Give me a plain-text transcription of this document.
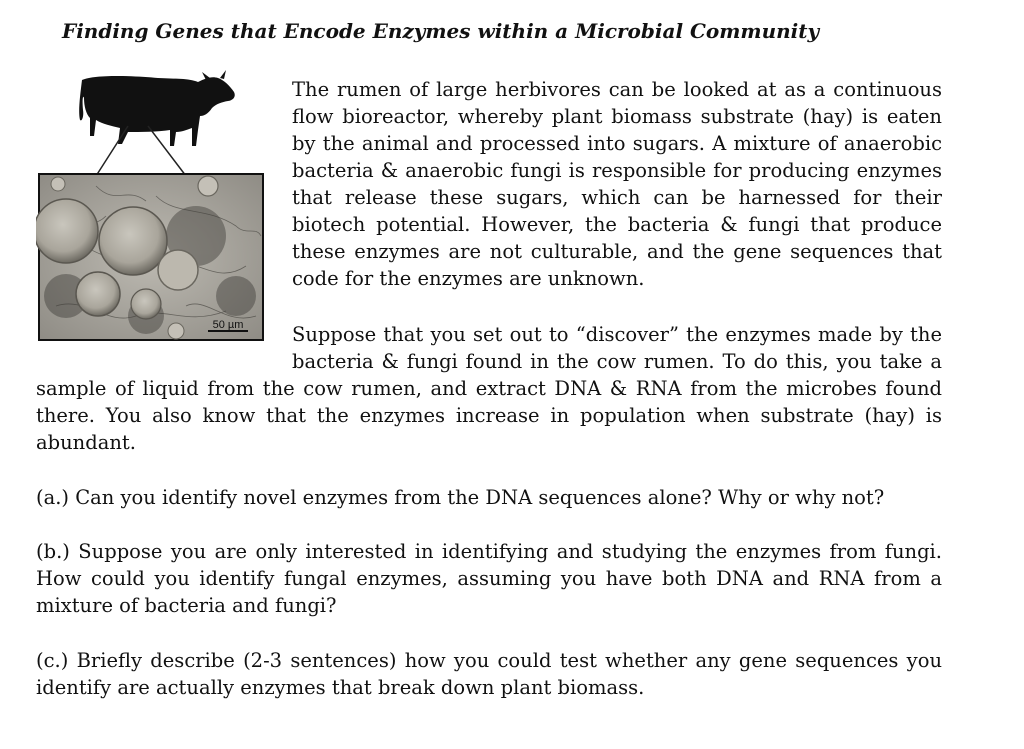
Finding Genes that Encode Enzymes within a Microbial Community
50 µm

The rumen of large herbivores can be looked at as a continuous flow bioreactor, whereby plant biomass substrate (hay) is eaten by the animal and processed into sugars. A mixture of anaerobic bacteria & anaerobic fungi is responsible for producing enzymes that release these sugars, which can be harnessed for their biotech potential. However, the bacteria & fungi that produce these enzymes are not culturable, and the gene sequences that code for the enzymes are unknown.

Suppose that you set out to “discover” the enzymes made by the bacteria & fungi found in the cow rumen. To do this, you take a

sample of liquid from the cow rumen, and extract DNA & RNA from the microbes found there. You also know that the enzymes increase in population when substrate (hay) is abundant.

(a.) Can you identify novel enzymes from the DNA sequences alone? Why or why not?

(b.) Suppose you are only interested in identifying and studying the enzymes from fungi. How could you identify fungal enzymes, assuming you have both DNA and RNA from a mixture of bacteria and fungi?

(c.) Briefly describe (2-3 sentences) how you could test whether any gene sequences you identify are actually enzymes that break down plant biomass.
